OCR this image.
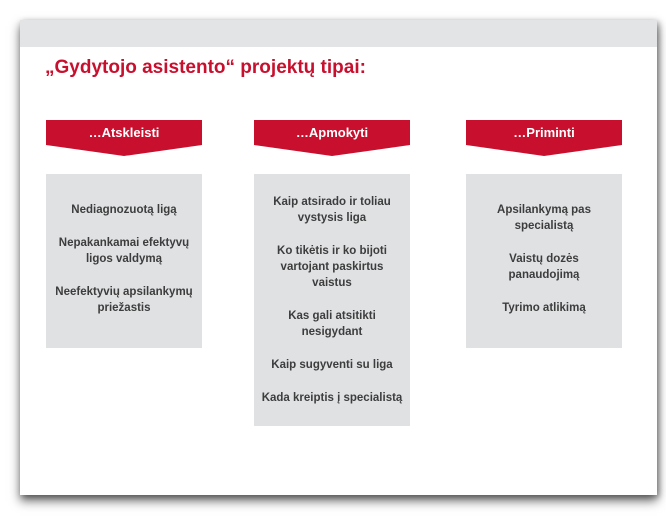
„Gydytojo asistento“ projektų tipai:
…Atskleisti
Nediagnozuotą ligą
Nepakankamai efektyvų ligos valdymą
Neefektyvių apsilankymų priežastis
…Apmokyti
Kaip atsirado ir toliau vystysis liga
Ko tikėtis ir ko bijoti vartojant paskirtus vaistus
Kas gali atsitikti nesigydant
Kaip sugyventi su liga
Kada kreiptis į specialistą
…Priminti
Apsilankymą pas specialistą
Vaistų dozės panaudojimą
Tyrimo atlikimą
